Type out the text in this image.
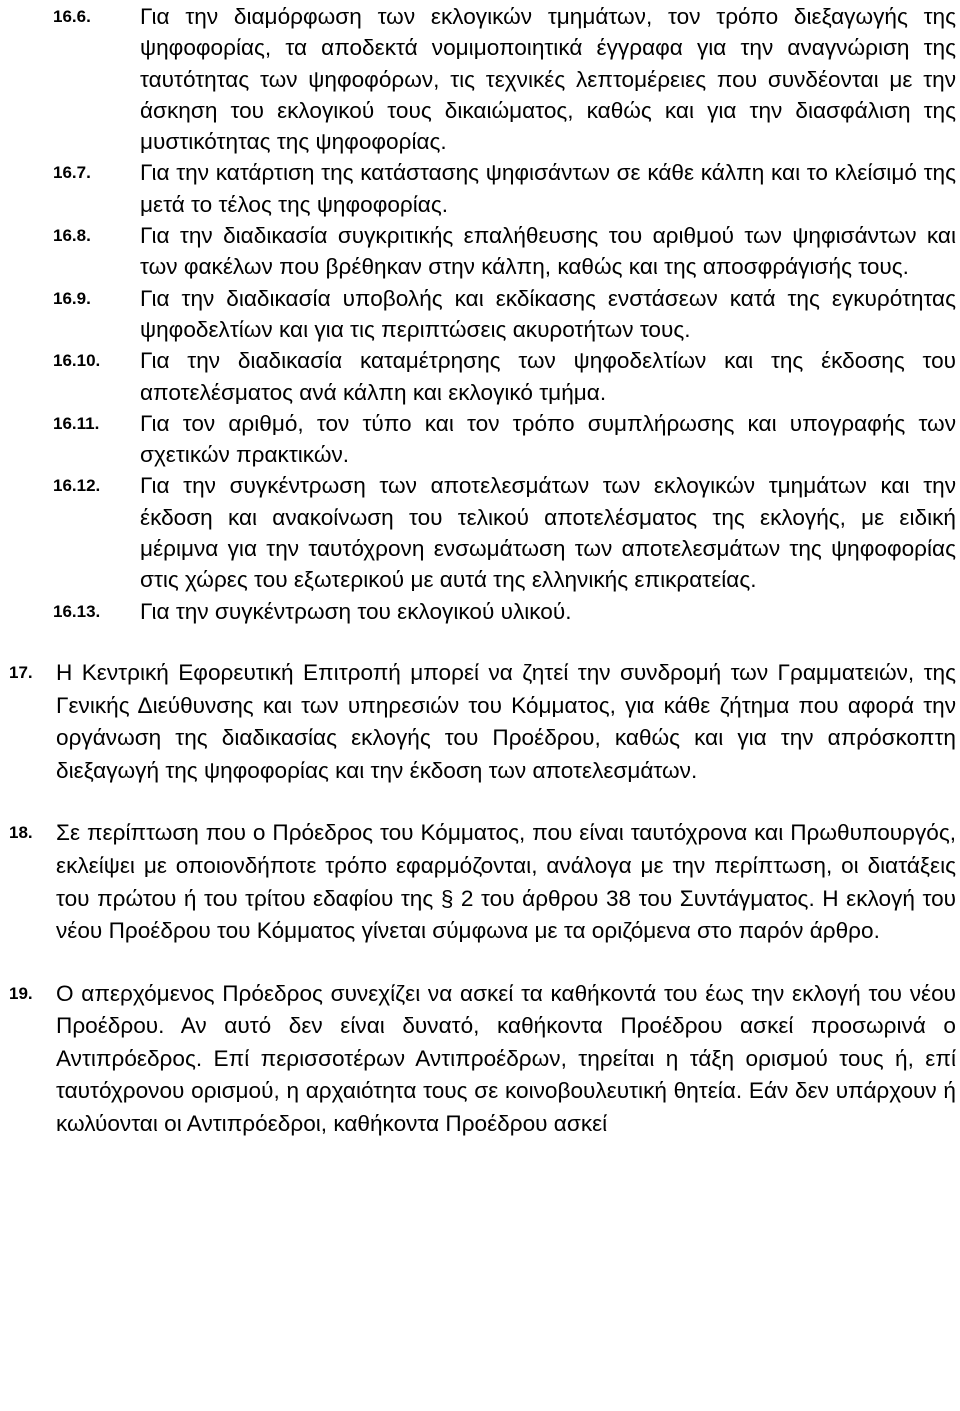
16.6. Για την διαμόρφωση των εκλογικών τμημάτων, τον τρόπο διεξαγωγής της ψηφοφορίας, τα αποδεκτά νομιμοποιητικά έγγραφα για την αναγνώριση της ταυτότητας των ψηφοφόρων, τις τεχνικές λεπτομέρειες που συνδέονται με την άσκηση του εκλογικού τους δικαιώματος, καθώς και για την διασφάλιση της μυστικότητας της ψηφοφορίας.
16.7. Για την κατάρτιση της κατάστασης ψηφισάντων σε κάθε κάλπη και το κλείσιμό της μετά το τέλος της ψηφοφορίας.
16.8. Για την διαδικασία συγκριτικής επαλήθευσης του αριθμού των ψηφισάντων και των φακέλων που βρέθηκαν στην κάλπη, καθώς και της αποσφράγισής τους.
16.9. Για την διαδικασία υποβολής και εκδίκασης ενστάσεων κατά της εγκυρότητας ψηφοδελτίων και για τις περιπτώσεις ακυροτήτων τους.
16.10. Για την διαδικασία καταμέτρησης των ψηφοδελτίων και της έκδοσης του αποτελέσματος ανά κάλπη και εκλογικό τμήμα.
16.11. Για τον αριθμό, τον τύπο και τον τρόπο συμπλήρωσης και υπογραφής των σχετικών πρακτικών.
16.12. Για την συγκέντρωση των αποτελεσμάτων των εκλογικών τμημάτων και την έκδοση και ανακοίνωση του τελικού αποτελέσματος της εκλογής, με ειδική μέριμνα για την ταυτόχρονη ενσωμάτωση των αποτελεσμάτων της ψηφοφορίας στις χώρες του εξωτερικού με αυτά της ελληνικής επικρατείας.
16.13. Για την συγκέντρωση του εκλογικού υλικού.
17. Η Κεντρική Εφορευτική Επιτροπή μπορεί να ζητεί την συνδρομή των Γραμματειών, της Γενικής Διεύθυνσης και των υπηρεσιών του Κόμματος, για κάθε ζήτημα που αφορά την οργάνωση της διαδικασίας εκλογής του Προέδρου, καθώς και για την απρόσκοπτη διεξαγωγή της ψηφοφορίας και την έκδοση των αποτελεσμάτων.
18. Σε περίπτωση που ο Πρόεδρος του Κόμματος, που είναι ταυτόχρονα και Πρωθυπουργός, εκλείψει με οποιονδήποτε τρόπο εφαρμόζονται, ανάλογα με την περίπτωση, οι διατάξεις του πρώτου ή του τρίτου εδαφίου της § 2 του άρθρου 38 του Συντάγματος. Η εκλογή του νέου Προέδρου του Κόμματος γίνεται σύμφωνα με τα οριζόμενα στο παρόν άρθρο.
19. Ο απερχόμενος Πρόεδρος συνεχίζει να ασκεί τα καθήκοντά του έως την εκλογή του νέου Προέδρου. Αν αυτό δεν είναι δυνατό, καθήκοντα Προέδρου ασκεί προσωρινά ο Αντιπρόεδρος. Επί περισσοτέρων Αντιπροέδρων, τηρείται η τάξη ορισμού τους ή, επί ταυτόχρονου ορισμού, η αρχαιότητα τους σε κοινοβουλευτική θητεία. Εάν δεν υπάρχουν ή κωλύονται οι Αντιπρόεδροι, καθήκοντα Προέδρου ασκεί
